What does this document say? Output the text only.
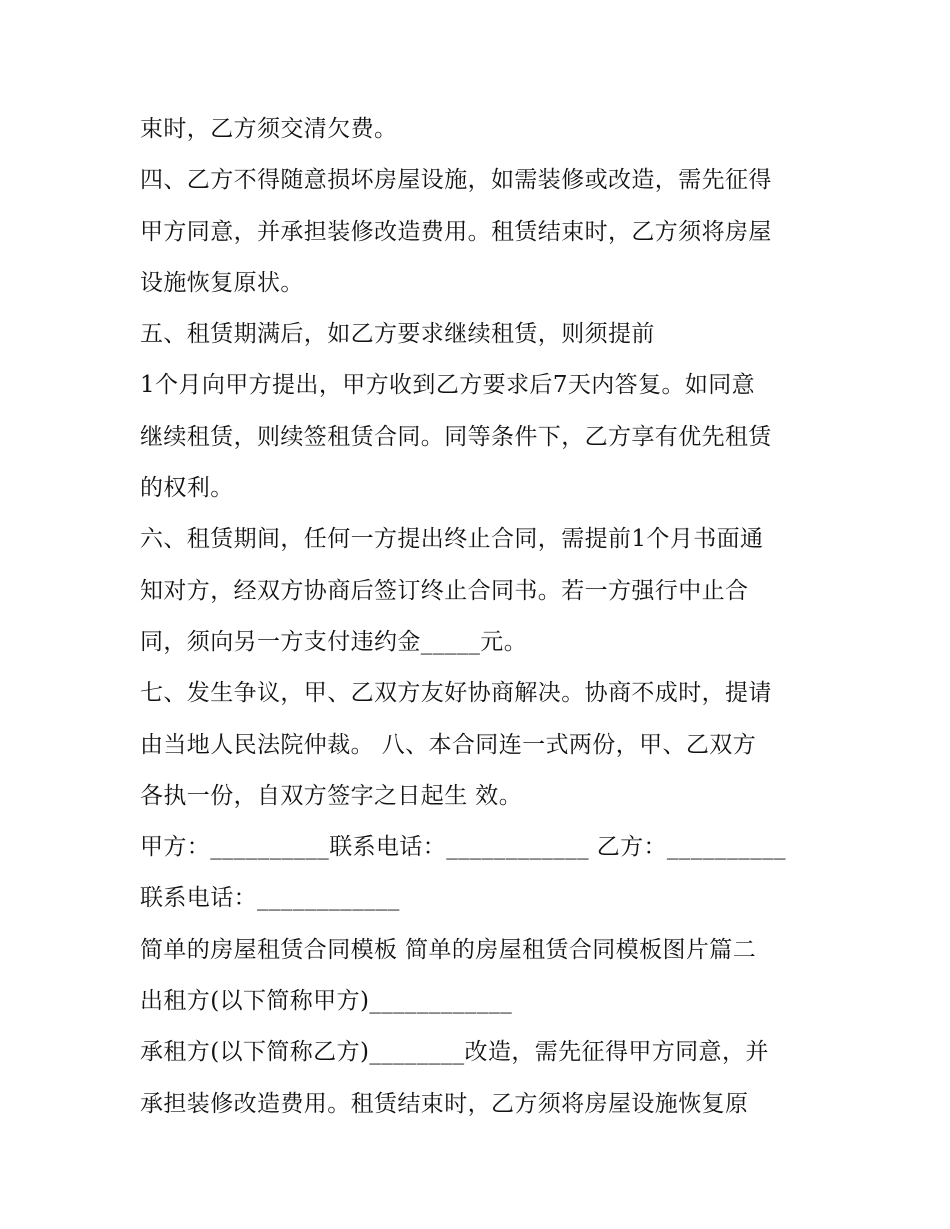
束时，乙方须交清欠费。
四、乙方不得随意损坏房屋设施，如需装修或改造，需先征得
甲方同意，并承担装修改造费用。租赁结束时，乙方须将房屋
设施恢复原状。
五、租赁期满后，如乙方要求继续租赁，则须提前
1个月向甲方提出，甲方收到乙方要求后7天内答复。如同意
继续租赁，则续签租赁合同。同等条件下，乙方享有优先租赁
的权利。
六、租赁期间，任何一方提出终止合同，需提前1个月书面通
知对方，经双方协商后签订终止合同书。若一方强行中止合
同，须向另一方支付违约金_____元。
七、发生争议，甲、乙双方友好协商解决。协商不成时，提请
由当地人民法院仲裁。 八、本合同连一式两份，甲、乙双方
各执一份，自双方签字之日起生 效。
甲方：__________联系电话：____________ 乙方：__________
联系电话：____________
简单的房屋租赁合同模板 简单的房屋租赁合同模板图片篇二
出租方(以下简称甲方)____________
承租方(以下简称乙方)________改造，需先征得甲方同意，并
承担装修改造费用。租赁结束时，乙方须将房屋设施恢复原
